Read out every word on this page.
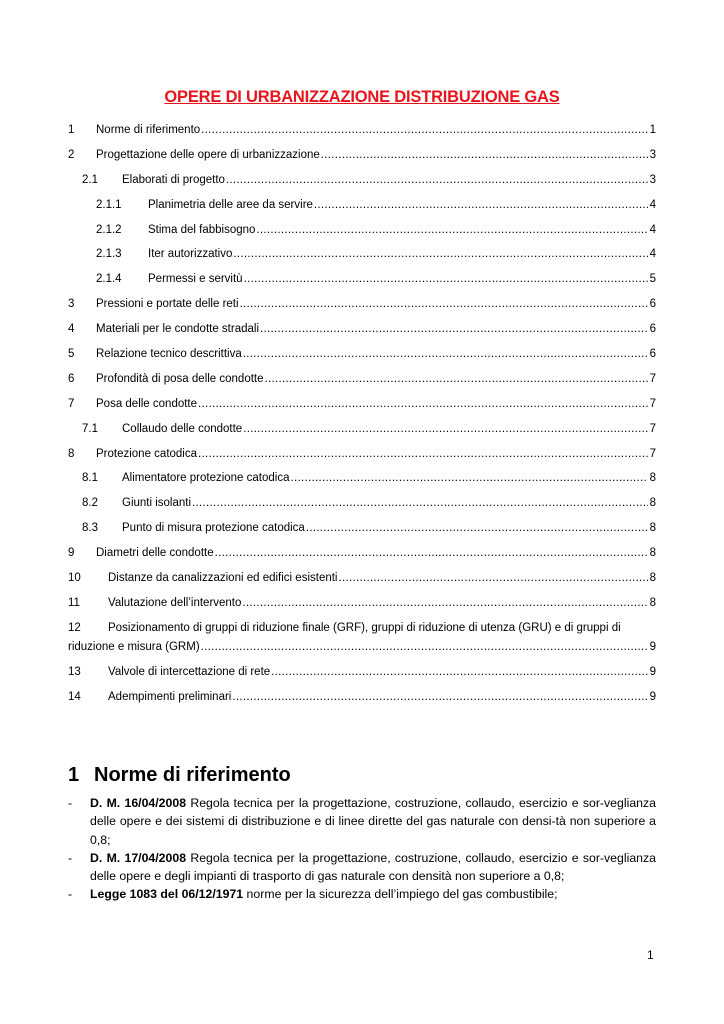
OPERE DI URBANIZZAZIONE DISTRIBUZIONE GAS
1	Norme di riferimento .....	1
2	Progettazione delle opere di urbanizzazione .....	3
2.1	Elaborati di progetto .....	3
2.1.1	Planimetria delle aree da servire .....	4
2.1.2	Stima del fabbisogno .....	4
2.1.3	Iter autorizzativo .....	4
2.1.4	Permessi e servitù .....	5
3	Pressioni e portate delle reti .....	6
4	Materiali per le condotte stradali .....	6
5	Relazione tecnico descrittiva .....	6
6	Profondità di posa delle condotte .....	7
7	Posa delle condotte .....	7
7.1	Collaudo delle condotte .....	7
8	Protezione catodica .....	7
8.1	Alimentatore protezione catodica .....	8
8.2	Giunti isolanti .....	8
8.3	Punto di misura protezione catodica .....	8
9	Diametri delle condotte .....	8
10	Distanze da canalizzazioni ed edifici esistenti .....	8
11	Valutazione dell’intervento .....	8
12	Posizionamento di gruppi di riduzione finale (GRF), gruppi di riduzione di utenza (GRU) e di gruppi di
riduzione e misura (GRM) .....	9
13	Valvole di intercettazione di rete .....	9
14	Adempimenti preliminari .....	9
1 Norme di riferimento
-	D. M. 16/04/2008 Regola tecnica per la progettazione, costruzione, collaudo, esercizio e sor-veglianza delle opere e dei sistemi di distribuzione e di linee dirette del gas naturale con densi-tà non superiore a 0,8;
-	D. M. 17/04/2008 Regola tecnica per la progettazione, costruzione, collaudo, esercizio e sor-veglianza delle opere e degli impianti di trasporto di gas naturale con densità non superiore a 0,8;
-	Legge 1083 del 06/12/1971 norme per la sicurezza dell’impiego del gas combustibile;
1
